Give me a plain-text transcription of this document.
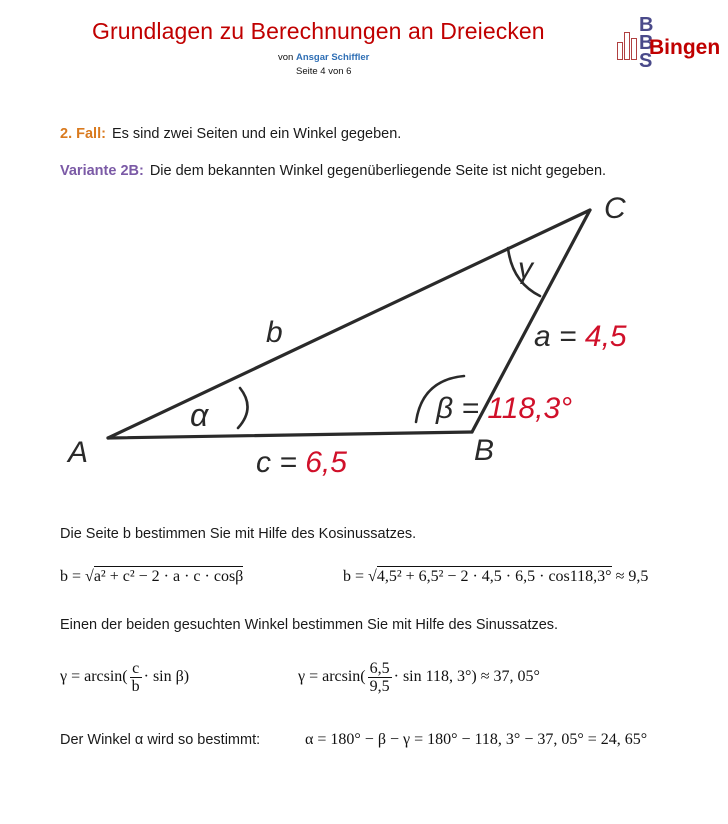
Grundlagen zu Berechnungen an Dreiecken
von Ansgar Schiffler
Seite 4 von 6
B
B
S
Bingen
2. Fall: Es sind zwei Seiten und ein Winkel gegeben.
Variante 2B: Die dem bekannten Winkel gegenüberliegende Seite ist nicht gegeben.
A	B
C
b
α
γ
a = 4,5
c = 6,5
β = 118,3°
Die Seite b bestimmen Sie mit Hilfe des Kosinussatzes.
b = √a² + c² − 2 · a · c · cosβ	b = √4,5² + 6,5² − 2 · 4,5 · 6,5 · cos118,3° ≈ 9,5
Einen der beiden gesuchten Winkel bestimmen Sie mit Hilfe des Sinussatzes.
$\gamma = \arcsin( \frac{c}{b} \cdot \sin \beta)$	$\gamma = \arcsin( \frac{6,5}{9,5} \cdot \sin 118$, 3°) ≈ 37, 05°
Der Winkel α wird so bestimmt:	α = 180° − β − γ = 180° − 118, 3° − 37, 05° = 24, 65°
